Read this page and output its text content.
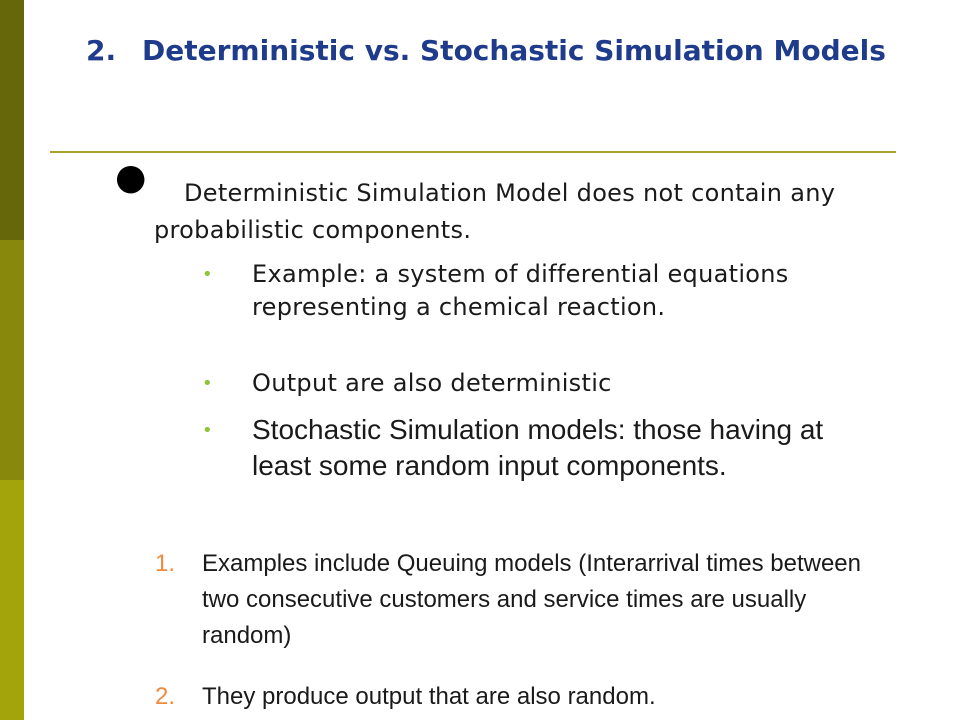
2. Deterministic vs. Stochastic Simulation Models
●	Deterministic Simulation Model does not contain any probabilistic components.
• Example: a system of differential equations representing a chemical reaction.
• Output are also deterministic
• Stochastic Simulation models: those having at least some random input components.
1. Examples include Queuing models (Interarrival times between two consecutive customers and service times are usually random)
2. They produce output that are also random.
